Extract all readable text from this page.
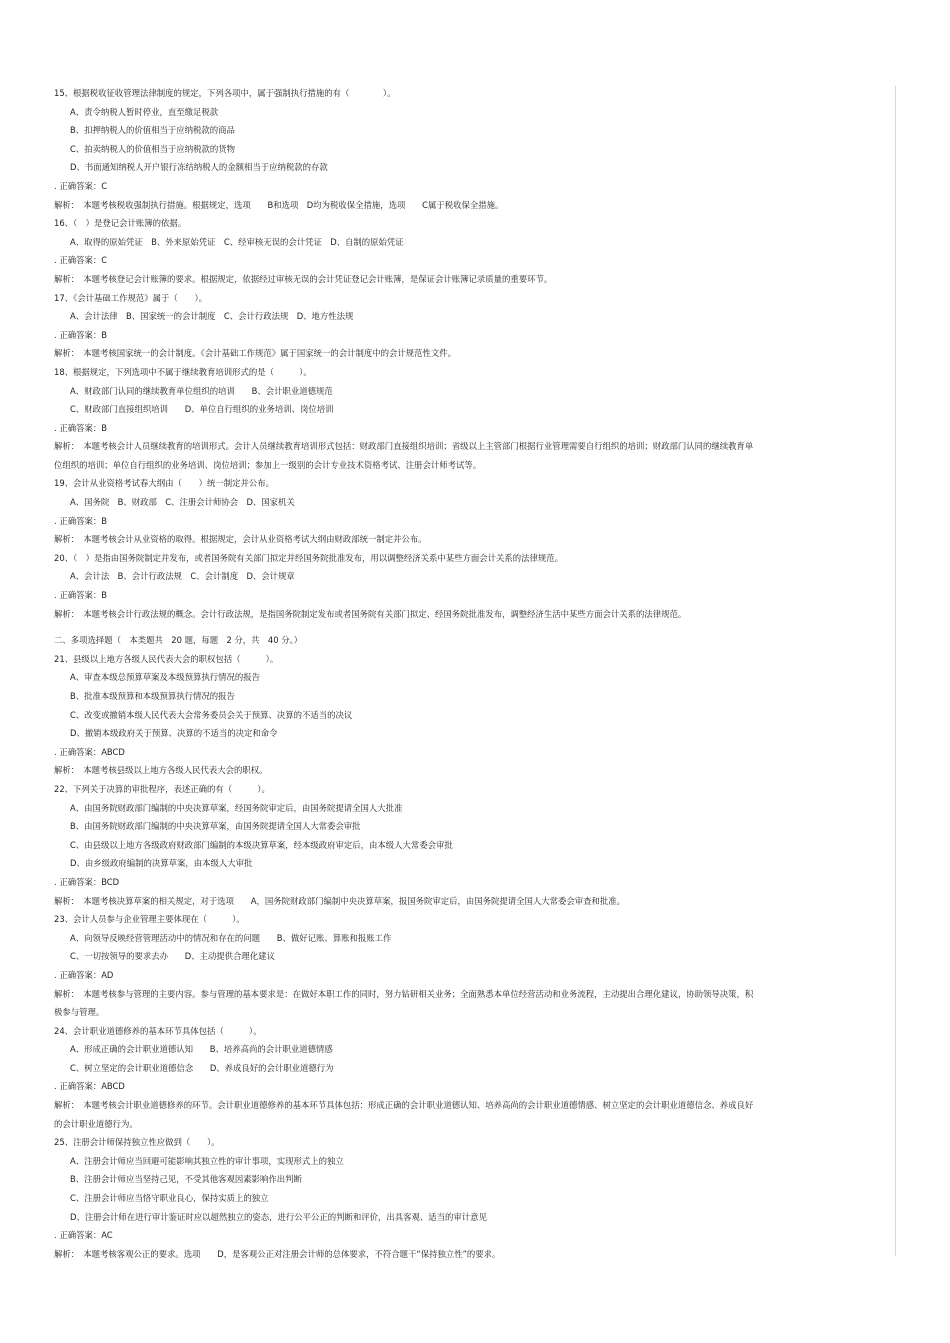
15、根据税收征收管理法律制度的规定，下列各项中，属于强制执行措施的有（　　　　）。
A、责令纳税人暂时停业，直至缴足税款
B、扣押纳税人的价值相当于应纳税款的商品
C、拍卖纳税人的价值相当于应纳税款的货物
D、书面通知纳税人开户银行冻结纳税人的金额相当于应纳税款的存款
. 正确答案：C
解析：　本题考核税收强制执行措施。根据规定，选项　　B和选项　D均为税收保全措施，选项　　C属于税收保全措施。
16、（　）是登记会计账簿的依据。
A、取得的原始凭证　B、外来原始凭证　C、经审核无误的会计凭证　D、自制的原始凭证
. 正确答案：C
解析：　本题考核登记会计账簿的要求。根据规定，依据经过审核无误的会计凭证登记会计账簿，是保证会计账簿记录质量的重要环节。
17、《会计基础工作规范》属于（　　）。
A、会计法律　B、国家统一的会计制度　C、会计行政法规　D、地方性法规
. 正确答案：B
解析：　本题考核国家统一的会计制度。《会计基础工作规范》属于国家统一的会计制度中的会计规范性文件。
18、根据规定，下列选项中不属于继续教育培训形式的是（　　　）。
A、财政部门认同的继续教育单位组织的培训　　B、会计职业道德规范
C、财政部门直接组织培训　　D、单位自行组织的业务培训、岗位培训
. 正确答案：B
解析：　本题考核会计人员继续教育的培训形式。会计人员继续教育培训形式包括：财政部门直接组织培训；省级以上主管部门根据行业管理需要自行组织的培训；财政部门认同的继续教育单
位组织的培训；单位自行组织的业务培训、岗位培训；参加上一级别的会计专业技术资格考试、注册会计师考试等。
19、会计从业资格考试春大纲由（　　）统一制定并公布。
A、国务院　B、财政部　C、注册会计师协会　D、国家机关
. 正确答案：B
解析：　本题考核会计从业资格的取得。根据规定，会计从业资格考试大纲由财政部统一制定并公布。
20、（　）是指由国务院制定并发布，或者国务院有关部门拟定并经国务院批准发布，用以调整经济关系中某些方面会计关系的法律规范。
A、会计法　B、会计行政法规　C、会计制度　D、会计规章
. 正确答案：B
解析：　本题考核会计行政法规的概念。会计行政法规，是指国务院制定发布或者国务院有关部门拟定、经国务院批准发布，调整经济生活中某些方面会计关系的法律规范。
二、多项选择题（　本类题共　20 题，每题　2 分，共　40 分。）
21、县级以上地方各级人民代表大会的职权包括（　　　）。
A、审查本级总预算草案及本级预算执行情况的报告
B、批准本级预算和本级预算执行情况的报告
C、改变或撤销本级人民代表大会常务委员会关于预算、决算的不适当的决议
D、撤销本级政府关于预算、决算的不适当的决定和命令
. 正确答案：ABCD
解析：　本题考核县级以上地方各级人民代表大会的职权。
22、下列关于决算的审批程序，表述正确的有（　　　）。
A、由国务院财政部门编制的中央决算草案，经国务院审定后，由国务院提请全国人大批准
B、由国务院财政部门编制的中央决算草案，由国务院提请全国人大常委会审批
C、由县级以上地方各级政府财政部门编制的本级决算草案，经本级政府审定后，由本级人大常委会审批
D、由乡级政府编制的决算草案，由本级人大审批
. 正确答案：BCD
解析：　本题考核决算草案的相关规定，对于选项　　A，国务院财政部门编制中央决算草案，报国务院审定后，由国务院提请全国人大常委会审查和批准。
23、会计人员参与企业管理主要体现在（　　　）。
A、向领导反映经营管理活动中的情况和存在的问题　　B、做好记账、算账和报账工作
C、一切按领导的要求去办　　D、主动提供合理化建议
. 正确答案：AD
解析：　本题考核参与管理的主要内容。参与管理的基本要求是：在做好本职工作的同时，努力钻研相关业务；全面熟悉本单位经营活动和业务流程，主动提出合理化建议，协助领导决策，积
极参与管理。
24、会计职业道德修养的基本环节具体包括（　　　）。
A、形成正确的会计职业道德认知　　B、培养高尚的会计职业道德情感
C、树立坚定的会计职业道德信念　　D、养成良好的会计职业道德行为
. 正确答案：ABCD
解析：　本题考核会计职业道德修养的环节。会计职业道德修养的基本环节具体包括：形成正确的会计职业道德认知、培养高尚的会计职业道德情感、树立坚定的会计职业道德信念、养成良好
的会计职业道德行为。
25、注册会计师保持独立性应做到（　　）。
A、注册会计师应当回避可能影响其独立性的审计事项，实现形式上的独立
B、注册会计师应当坚持己见，不受其他客观因素影响作出判断
C、注册会计师应当恪守职业良心，保持实质上的独立
D、注册会计师在进行审计鉴证时应以超然独立的姿态，进行公平公正的判断和评价，出具客观、适当的审计意见
. 正确答案：AC
解析：　本题考核客观公正的要求。选项　　D，是客观公正对注册会计师的总体要求，不符合题干“保持独立性”的要求。
